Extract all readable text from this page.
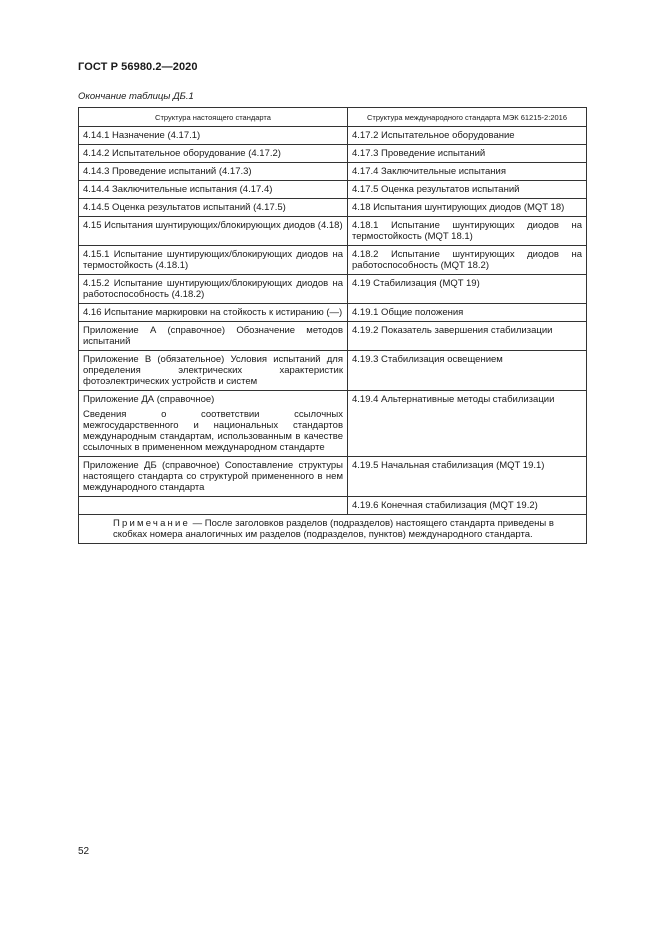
ГОСТ Р 56980.2—2020
Окончание таблицы ДБ.1
Структура настоящего стандарта	Структура международного стандарта МЭК 61215-2:2016

4.14.1 Назначение (4.17.1)	4.17.2 Испытательное оборудование

4.14.2 Испытательное оборудование (4.17.2)	4.17.3 Проведение испытаний

4.14.3 Проведение испытаний (4.17.3)	4.17.4 Заключительные испытания

4.14.4 Заключительные испытания (4.17.4)	4.17.5 Оценка результатов испытаний

4.14.5 Оценка результатов испытаний (4.17.5)	4.18 Испытания шунтирующих диодов (MQT 18)

4.15 Испытания шунтирующих/блокирующих диодов (4.18)	4.18.1 Испытание шунтирующих диодов на термостойкость (MQT 18.1)

4.15.1 Испытание шунтирующих/блокирующих диодов на термостойкость (4.18.1)	4.18.2 Испытание шунтирующих диодов на работоспособность (MQT 18.2)

4.15.2 Испытание шунтирующих/блокирующих диодов на работоспособность (4.18.2)	4.19 Стабилизация (MQT 19)

4.16 Испытание маркировки на стойкость к истиранию (—)	4.19.1 Общие положения

Приложение А (справочное) Обозначение методов испытаний	4.19.2 Показатель завершения стабилизации

Приложение В (обязательное) Условия испытаний для определения электрических характеристик фотоэлектрических устройств и систем	4.19.3 Стабилизация освещением

Приложение ДА (справочное)
Сведения о соответствии ссылочных межгосударственного и национальных стандартов международным стандартам, использованным в качестве ссылочных в примененном международном стандарте	4.19.4 Альтернативные методы стабилизации

Приложение ДБ (справочное) Сопоставление структуры настоящего стандарта со структурой примененного в нем международного стандарта	4.19.5 Начальная стабилизация (MQT 19.1)

	4.19.6 Конечная стабилизация (MQT 19.2)

Примечание — После заголовков разделов (подразделов) настоящего стандарта приведены в скобках номера аналогичных им разделов (подразделов, пунктов) международного стандарта.	
52
